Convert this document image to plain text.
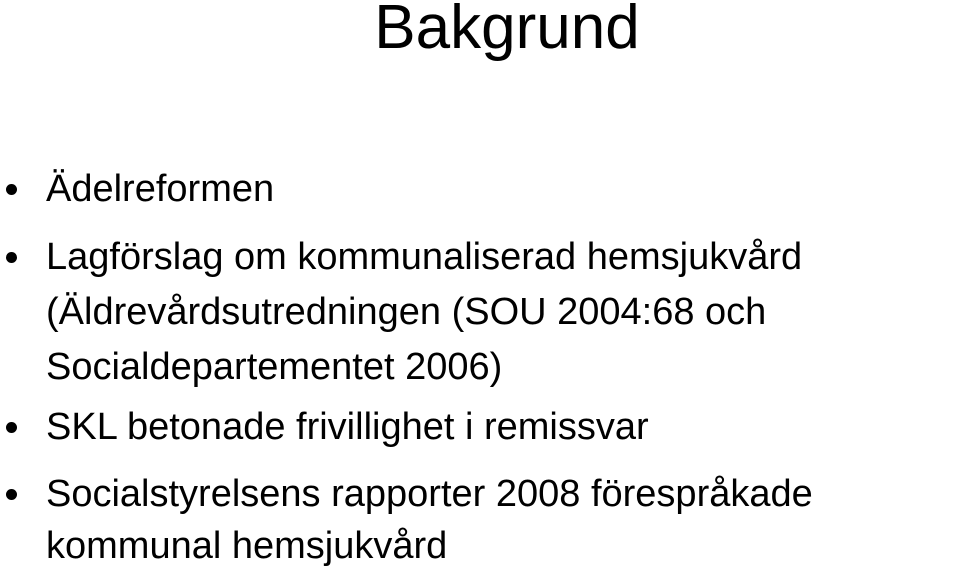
Bakgrund
Ädelreformen
Lagförslag om kommunaliserad hemsjukvård
(Äldrevårdsutredningen (SOU 2004:68 och
Socialdepartementet 2006)
SKL betonade frivillighet i remissvar
Socialstyrelsens rapporter 2008 förespråkade
kommunal hemsjukvård
